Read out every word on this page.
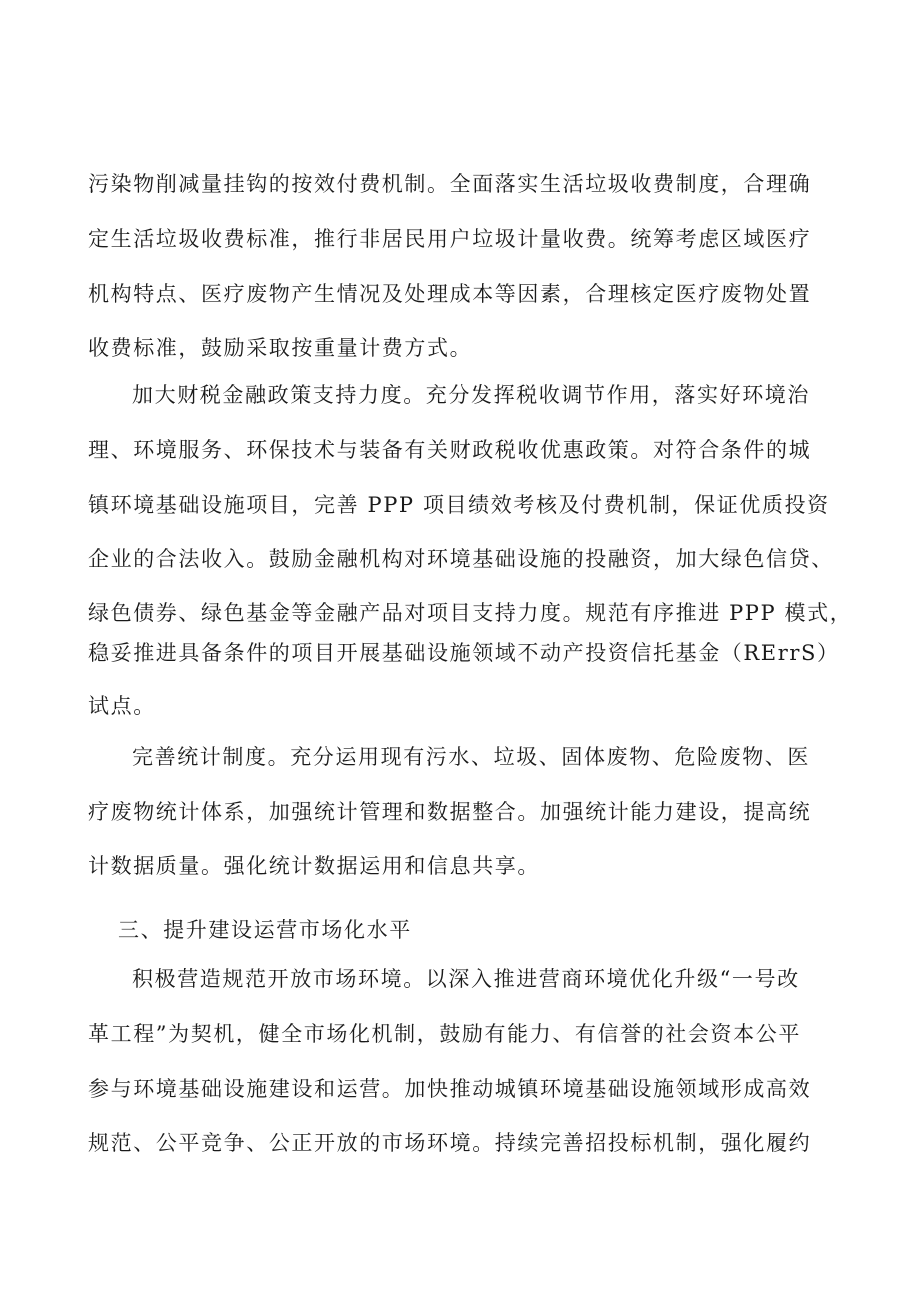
污染物削减量挂钩的按效付费机制。全面落实生活垃圾收费制度，合理确
定生活垃圾收费标准，推行非居民用户垃圾计量收费。统筹考虑区域医疗
机构特点、医疗废物产生情况及处理成本等因素，合理核定医疗废物处置
收费标准，鼓励采取按重量计费方式。
加大财税金融政策支持力度。充分发挥税收调节作用，落实好环境治
理、环境服务、环保技术与装备有关财政税收优惠政策。对符合条件的城
镇环境基础设施项目，完善 PPP 项目绩效考核及付费机制，保证优质投资
企业的合法收入。鼓励金融机构对环境基础设施的投融资，加大绿色信贷、
绿色债券、绿色基金等金融产品对项目支持力度。规范有序推进 PPP 模式，
稳妥推进具备条件的项目开展基础设施领域不动产投资信托基金（RErrS）
试点。
完善统计制度。充分运用现有污水、垃圾、固体废物、危险废物、医
疗废物统计体系，加强统计管理和数据整合。加强统计能力建设，提高统
计数据质量。强化统计数据运用和信息共享。
三、提升建设运营市场化水平
积极营造规范开放市场环境。以深入推进营商环境优化升级“一号改
革工程”为契机，健全市场化机制，鼓励有能力、有信誉的社会资本公平
参与环境基础设施建设和运营。加快推动城镇环境基础设施领域形成高效
规范、公平竞争、公正开放的市场环境。持续完善招投标机制，强化履约
